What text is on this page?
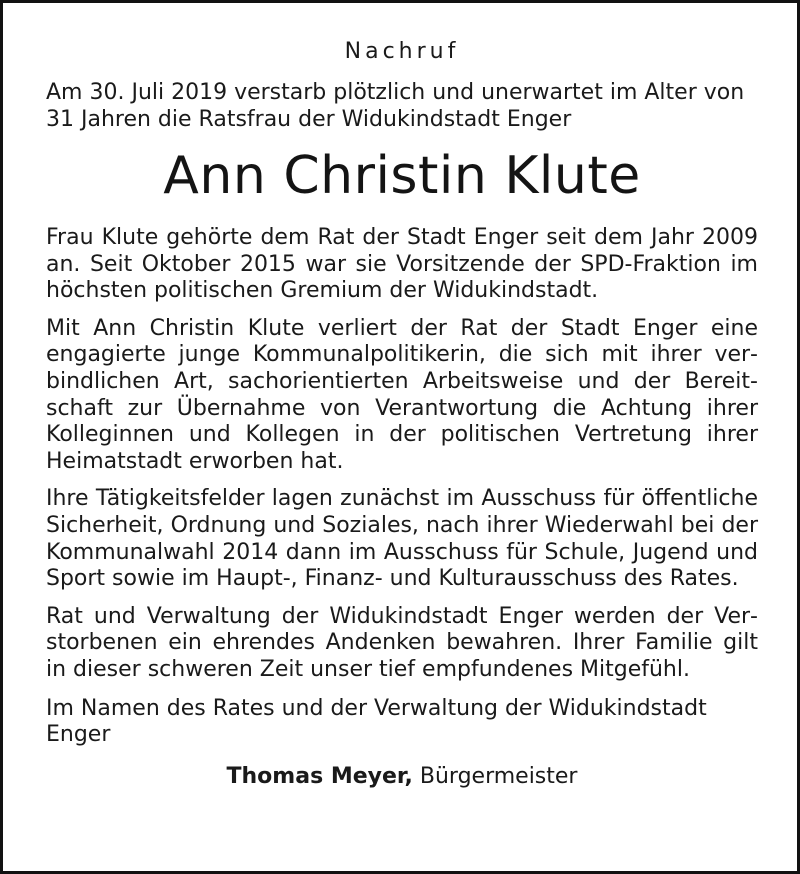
Nachruf

Am 30. Juli 2019 verstarb plötzlich und unerwartet im Alter von 31 Jahren die Ratsfrau der Widukindstadt Enger

Ann Christin Klute

Frau Klute gehörte dem Rat der Stadt Enger seit dem Jahr 2009 an. Seit Oktober 2015 war sie Vorsitzende der SPD-Fraktion im höchsten politischen Gremium der Widukindstadt.

Mit Ann Christin Klute verliert der Rat der Stadt Enger eine engagierte junge Kommunalpolitikerin, die sich mit ihrer verbindlichen Art, sachorientierten Arbeitsweise und der Bereitschaft zur Übernahme von Verantwortung die Achtung ihrer Kolleginnen und Kollegen in der politischen Vertretung ihrer Heimatstadt erworben hat.

Ihre Tätigkeitsfelder lagen zunächst im Ausschuss für öffentliche Sicherheit, Ordnung und Soziales, nach ihrer Wiederwahl bei der Kommunalwahl 2014 dann im Ausschuss für Schule, Jugend und Sport sowie im Haupt-, Finanz- und Kulturausschuss des Rates.

Rat und Verwaltung der Widukindstadt Enger werden der Verstorbenen ein ehrendes Andenken bewahren. Ihrer Familie gilt in dieser schweren Zeit unser tief empfundenes Mitgefühl.

Im Namen des Rates und der Verwaltung der Widukindstadt Enger

Thomas Meyer, Bürgermeister
